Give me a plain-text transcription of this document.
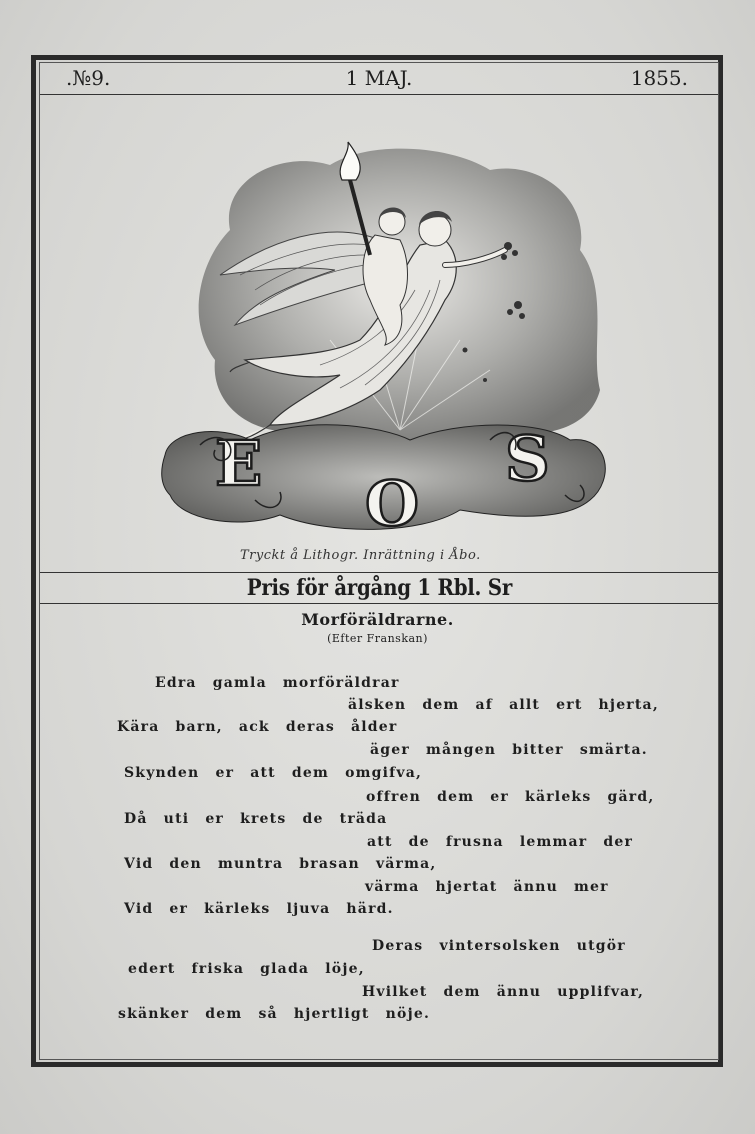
.№9.	1 MAJ.	1855.
E
O
S
Tryckt å Lithogr. Inrättning i Åbo.
Pris för årgång 1 Rbl. Sr
Morföräldrarne.
(Efter Franskan)
Edra gamla morföräldrar
älsken dem af allt ert hjerta,
Kära barn, ack deras ålder
äger mången bitter smärta.
Skynden er att dem omgifva,
offren dem er kärleks gärd,
Då uti er krets de träda
att de frusna lemmar der
Vid den muntra brasan värma,
värma hjertat ännu mer
Vid er kärleks ljuva härd.
Deras vintersolsken utgör
edert friska glada löje,
Hvilket dem ännu upplifvar,
skänker dem så hjertligt nöje.
